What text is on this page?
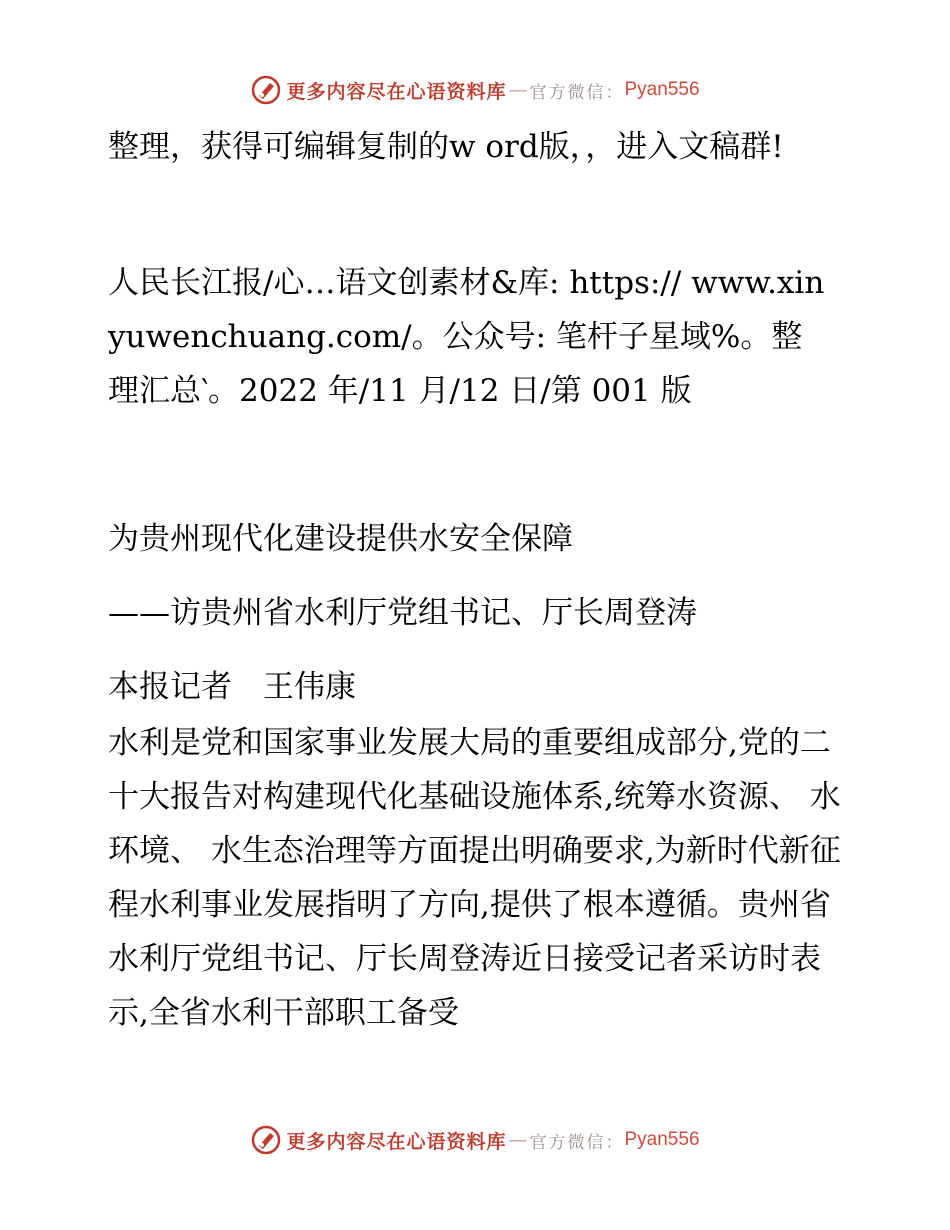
更多内容尽在心语资料库 — 官方微信： Pyan556

整理，获得可编辑复制的w ord版，，进入文稿群!

人民长江报/心…语文创素材&库: https:// www.xinyuwenchuang.com/。公众号: 笔杆子星域%。整理汇总‵。2022 年/11 月/12 日/第 001 版

为贵州现代化建设提供水安全保障

——访贵州省水利厅党组书记、厅长周登涛

本报记者　王伟康

水利是党和国家事业发展大局的重要组成部分,党的二十大报告对构建现代化基础设施体系,统筹水资源、 水环境、 水生态治理等方面提出明确要求,为新时代新征程水利事业发展指明了方向,提供了根本遵循。贵州省水利厅党组书记、厅长周登涛近日接受记者采访时表示,全省水利干部职工备受

更多内容尽在心语资料库 — 官方微信： Pyan556
